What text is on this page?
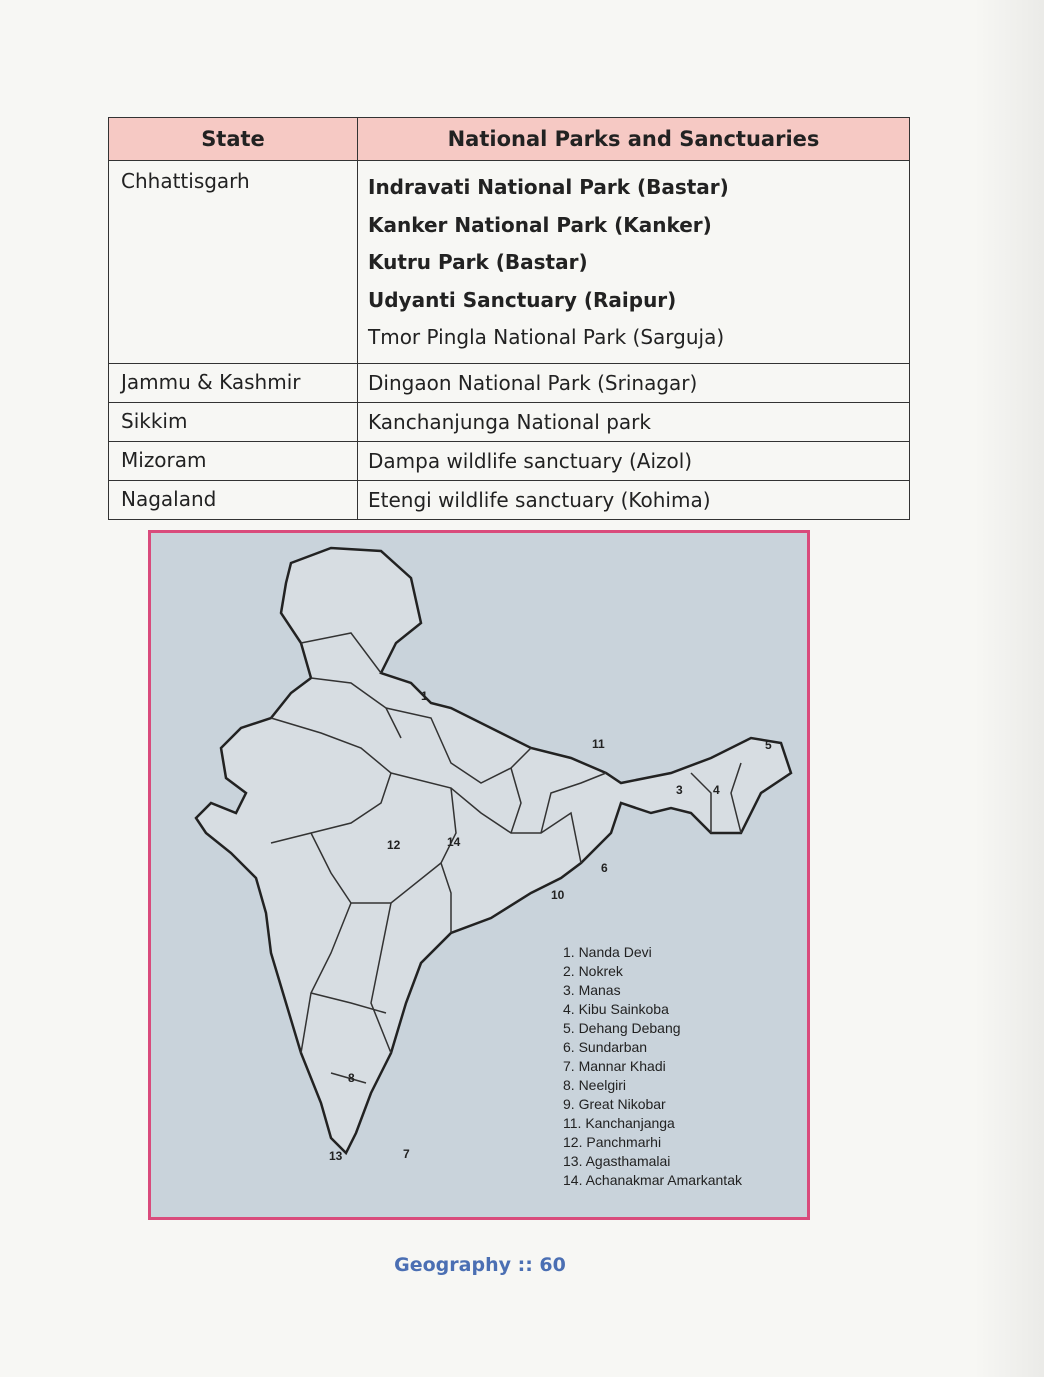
State	National Parks and Sanctuaries
Chhattisgarh	Indravati National Park (Bastar)
Kanker National Park (Kanker)
Kutru Park (Bastar)
Udyanti Sanctuary (Raipur)
Tmor Pingla National Park (Sarguja)

Jammu & Kashmir	Dingaon National Park (Srinagar)

Sikkim	Kanchanjunga National park

Mizoram	Dampa wildlife sanctuary (Aizol)

Nagaland	Etengi wildlife sanctuary (Kohima)
1
11	5
3	4
12	14
6
10
8
13	7
1. Nanda Devi
2. Nokrek
3. Manas
4. Kibu Sainkoba
5. Dehang Debang
6. Sundarban
7. Mannar Khadi
8. Neelgiri
9. Great Nikobar
11. Kanchanjanga
12. Panchmarhi
13. Agasthamalai
14. Achanakmar Amarkantak
Geography :: 60
